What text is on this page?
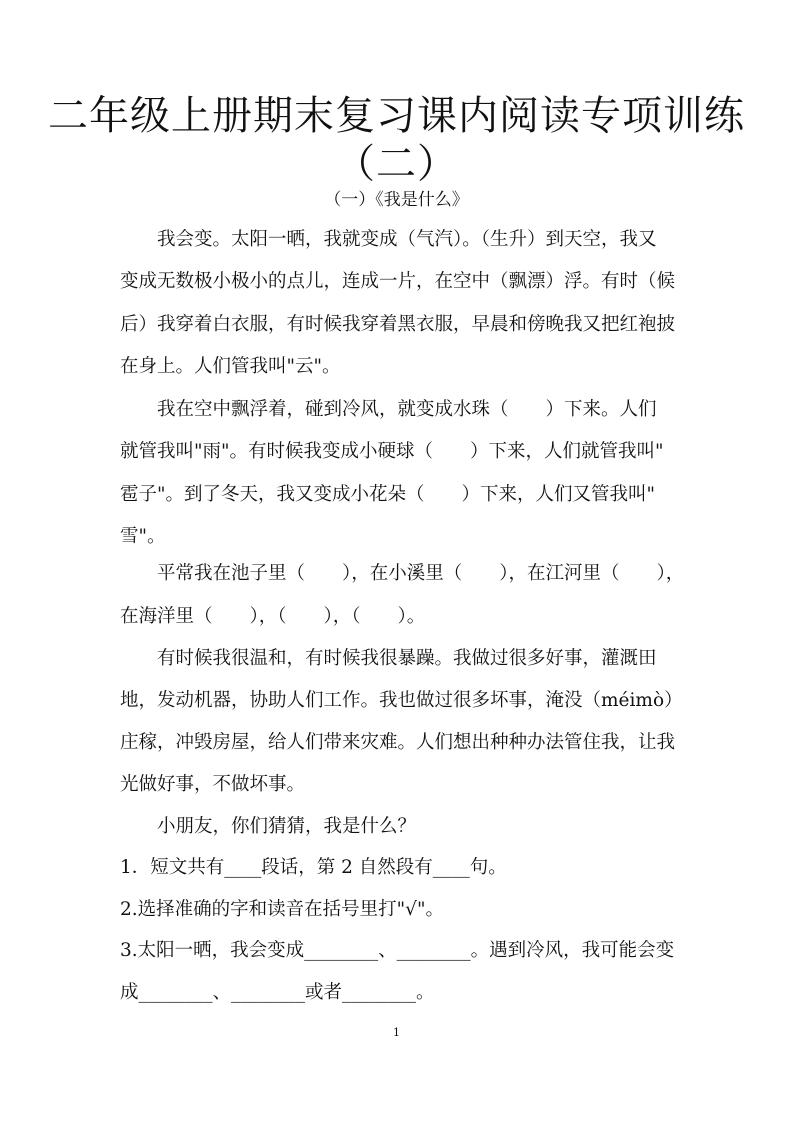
二年级上册期末复习课内阅读专项训练
（二）
（一）《我是什么》
　　我会变。太阳一晒，我就变成（气汽）。（生升）到天空，我又
变成无数极小极小的点儿，连成一片，在空中（飘漂）浮。有时（候
后）我穿着白衣服，有时候我穿着黑衣服，早晨和傍晚我又把红袍披
在身上。人们管我叫"云"。
　　我在空中飘浮着，碰到冷风，就变成水珠（　　）下来。人们
就管我叫"雨"。有时候我变成小硬球（　　）下来，人们就管我叫"
雹子"。到了冬天，我又变成小花朵（　　）下来，人们又管我叫"
雪"。
　　平常我在池子里（　　），在小溪里（　　），在江河里（　　），
在海洋里（　　），（　　），（　　）。
　　有时候我很温和，有时候我很暴躁。我做过很多好事，灌溉田
地，发动机器，协助人们工作。我也做过很多坏事，淹没（méimò）
庄稼，冲毁房屋，给人们带来灾难。人们想出种种办法管住我，让我
光做好事，不做坏事。
　　小朋友，你们猜猜，我是什么？
1．短文共有____段话，第 2 自然段有____句。
2.选择准确的字和读音在括号里打"√"。
3.太阳一晒，我会变成________、________。遇到冷风，我可能会变
成________、________或者________。
1
